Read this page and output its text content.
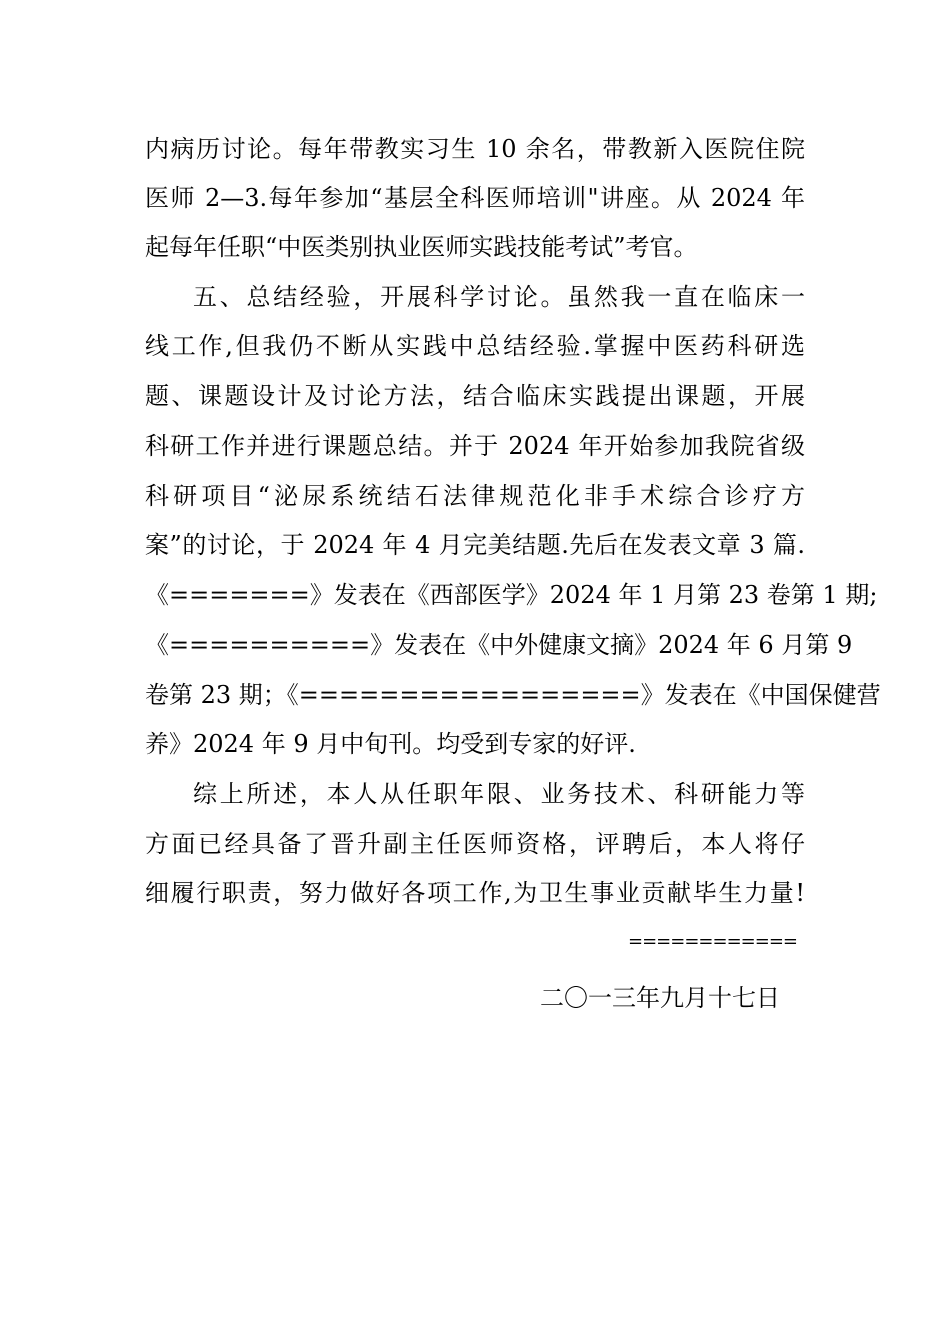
内病历讨论。每年带教实习生 10 余名，带教新入医院住院
医师 2—3.每年参加“基层全科医师培训"讲座。从 2024 年
起每年任职“中医类别执业医师实践技能考试”考官。
五、总结经验，开展科学讨论。虽然我一直在临床一
线工作,但我仍不断从实践中总结经验.掌握中医药科研选
题、课题设计及讨论方法，结合临床实践提出课题，开展
科研工作并进行课题总结。并于 2024 年开始参加我院省级
科研项目“泌尿系统结石法律规范化非手术综合诊疗方
案”的讨论，于 2024 年 4 月完美结题.先后在发表文章 3 篇.
《=======》发表在《西部医学》2024 年 1 月第 23 卷第 1 期;
《==========》发表在《中外健康文摘》2024 年 6 月第 9
卷第 23 期；《=================》发表在《中国保健营
养》2024 年 9 月中旬刊。均受到专家的好评.
综上所述，本人从任职年限、业务技术、科研能力等
方面已经具备了晋升副主任医师资格，评聘后，本人将仔
细履行职责，努力做好各项工作,为卫生事业贡献毕生力量!
============
二〇一三年九月十七日
